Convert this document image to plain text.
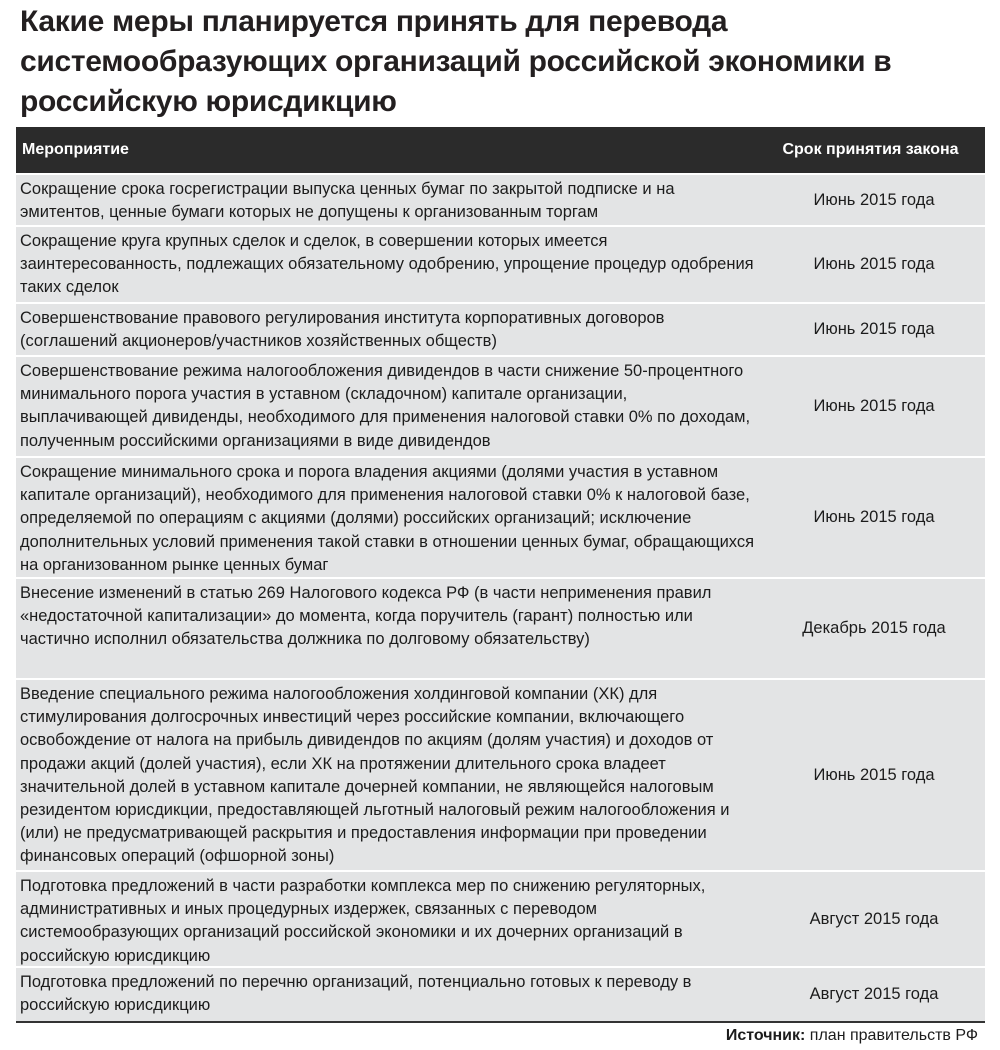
Какие меры планируется принять для перевода системообразующих организаций российской экономики в российскую юрисдикцию
Мероприятие	Срок принятия закона
Сокращение срока госрегистрации выпуска ценных бумаг по закрытой подписке и на эмитентов, ценные бумаги которых не допущены к организованным торгам
Июнь 2015 года
Сокращение круга крупных сделок и сделок, в совершении которых имеется заинтересованность, подлежащих обязательному одобрению, упрощение процедур одобрения таких сделок
Июнь 2015 года
Совершенствование правового регулирования института корпоративных договоров (соглашений акционеров/участников хозяйственных обществ)
Июнь 2015 года
Совершенствование режима налогообложения дивидендов в части снижение 50-процентного минимального порога участия в уставном (складочном) капитале организации, выплачивающей дивиденды, необходимого для применения налоговой ставки 0% по доходам, полученным российскими организациями в виде дивидендов
Июнь 2015 года
Сокращение минимального срока и порога владения акциями (долями участия в уставном капитале организаций), необходимого для применения налоговой ставки 0% к налоговой базе, определяемой по операциям с акциями (долями) российских организаций; исключение дополнительных условий применения такой ставки в отношении ценных бумаг, обращающихся на организованном рынке ценных бумаг
Июнь 2015 года
Внесение изменений в статью 269 Налогового кодекса РФ (в части неприменения правил «недостаточной капитализации» до момента, когда поручитель (гарант) полностью или частично исполнил обязательства должника по долговому обязательству)
Декабрь 2015 года
Введение специального режима налогообложения холдинговой компании (ХК) для стимулирования долгосрочных инвестиций через российские компании, включающего освобождение от налога на прибыль дивидендов по акциям (долям участия) и доходов от продажи акций (долей участия), если ХК на протяжении длительного срока владеет значительной долей в уставном капитале дочерней компании, не являющейся налоговым резидентом юрисдикции, предоставляющей льготный налоговый режим налогообложения и (или) не предусматривающей раскрытия и предоставления информации при проведении финансовых операций (офшорной зоны)
Июнь 2015 года
Подготовка предложений в части разработки комплекса мер по снижению регуляторных, административных и иных процедурных издержек, связанных с переводом системообразующих организаций российской экономики и их дочерних организаций в российскую юрисдикцию
Август 2015 года
Подготовка предложений по перечню организаций, потенциально готовых к переводу в российскую юрисдикцию
Август 2015 года
Источник: план правительств РФ
